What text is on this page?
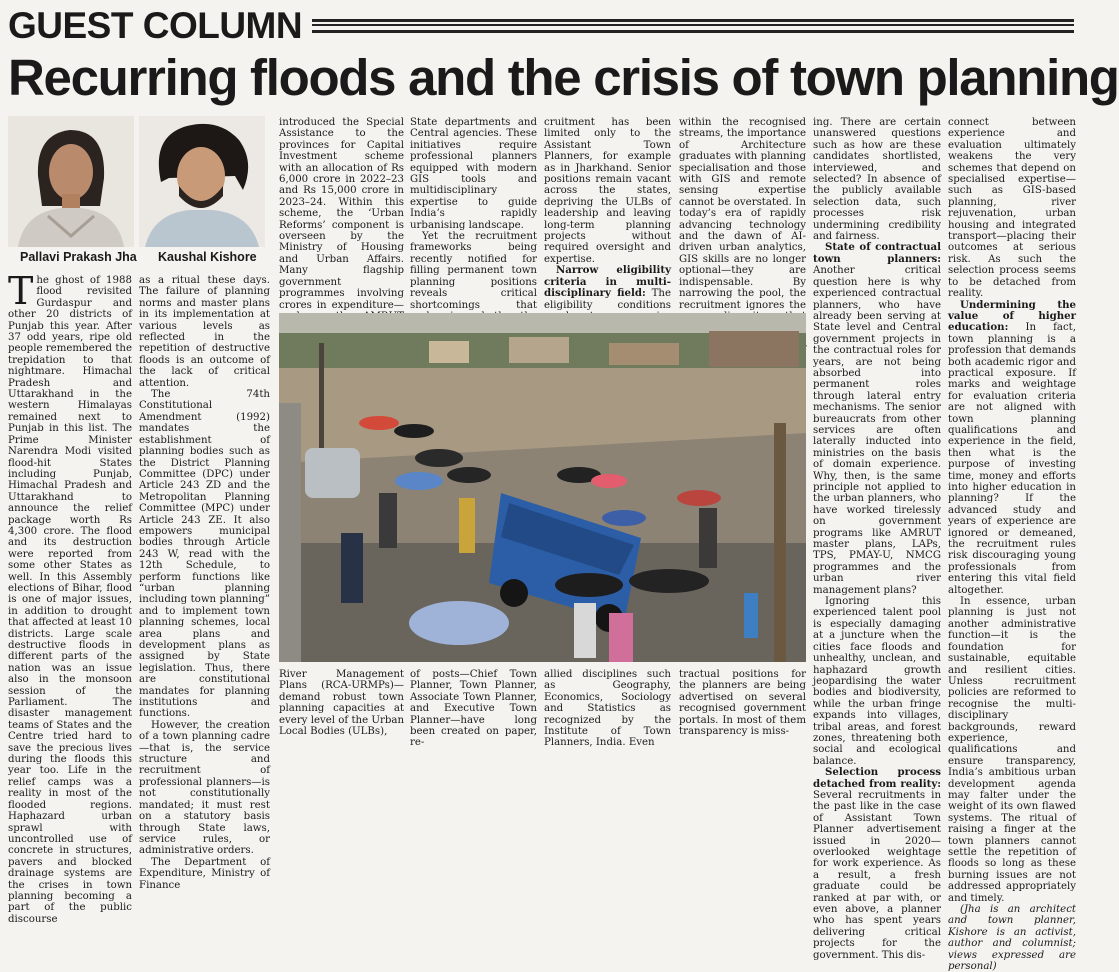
GUEST COLUMN
Recurring floods and the crisis of town planning
Pallavi Prakash Jha Kaushal Kishore

The ghost of 1988 flood revisited Gurdaspur and other 20 districts of Punjab this year. After 37 odd years, ripe old people remembered the trepidation to that nightmare. Himachal Pradesh and Uttarakhand in the western Himalayas remained next to Punjab in this list. The Prime Minister Narendra Modi visited flood-hit States including Punjab, Himachal Pradesh and Uttarakhand to announce the relief package worth Rs 4,300 crore. The flood and its destruction were reported from some other States as well. In this Assembly elections of Bihar, flood is one of major issues, in addition to drought that affected at least 10 districts. Large scale destructive floods in different parts of the nation was an issue also in the monsoon session of the Parliament. The disaster management teams of States and the Centre tried hard to save the precious lives during the floods this year too. Life in the relief camps was a reality in most of the flooded regions. Haphazard urban sprawl with uncontrolled use of concrete in structures, pavers and blocked drainage systems are the crises in town planning becoming a part of the public discourse

as a ritual these days. The failure of planning norms and master plans in its implementation at various levels as reflected in the repetition of destructive floods is an outcome of the lack of critical attention.

The 74th Constitutional Amendment (1992) mandates the establishment of planning bodies such as the District Planning Committee (DPC) under Article 243 ZD and the Metropolitan Planning Committee (MPC) under Article 243 ZE. It also empowers municipal bodies through Article 243 W, read with the 12th Schedule, to perform functions like “urban planning including town planning” and to implement town planning schemes, local area plans and development plans as assigned by State legislation. Thus, there are constitutional mandates for planning institutions and functions.

However, the creation of a town planning cadre—that is, the service structure and recruitment of professional planners—is not constitutionally mandated; it must rest on a statutory basis through State laws, service rules, or administrative orders.

The Department of Expenditure, Ministry of Finance

introduced the Special Assistance to the provinces for Capital Investment scheme with an allocation of Rs 6,000 crore in 2022–23 and Rs 15,000 crore in 2023–24. Within this scheme, the ‘Urban Reforms’ component is overseen by the Ministry of Housing and Urban Affairs. Many flagship government programmes involving crores in expenditure—

State departments and Central agencies. These initiatives require professional planners equipped with modern GIS tools and multidisciplinary expertise to guide India’s rapidly urbanising landscape.

Yet the recruitment frameworks being recently notified for filling permanent town planning positions reveals critical shortcomings that

cruitment has been limited only to the Assistant Town Planners, for example as in Jharkhand. Senior positions remain vacant across the states, depriving the ULBs of leadership and leaving long-term planning projects without required oversight and expertise.

Narrow eligibility criteria in multi-disciplinary field: The eligibility conditions

within the recognised streams, the importance of Architecture graduates with planning specialisation and those with GIS and remote sensing expertise cannot be overstated. In today’s era of rapidly advancing technology and the dawn of AI-driven urban analytics, GIS skills are no longer optional—they are indispensable. By narrowing the pool, the recruitment ignores the

ing. There are certain unanswered questions such as how are these candidates shortlisted, interviewed, and selected? In absence of the publicly available selection data, such processes risk undermining credibility and fairness.

State of contractual town planners: Another critical question here is why experienced contractual planners, who have already been serving at State level and Central government projects in the contractual roles for years, are not being absorbed into permanent roles through lateral entry mechanisms. The senior bureaucrats from other services are often laterally inducted into ministries on the basis of domain experience. Why, then, is the same principle not applied to the urban planners, who have worked tirelessly on government programs like AMRUT master plans, LAPs, TPS, PMAY-U, NMCG programmes and the urban river management plans?

Ignoring this experienced talent pool is especially damaging at a juncture when the cities face floods and unhealthy, unclean, and haphazard growth jeopardising the water bodies and biodiversity, while the urban fringe expands into villages, tribal areas, and forest zones, threatening both social and ecological balance.

Selection process detached from reality: Several recruitments in the past like in the case of Assistant Town Planner advertisement issued in 2020—overlooked weightage for work experience. As a result, a fresh graduate could be ranked at par with, or even above, a planner who has spent years delivering critical projects for the government. This dis-

connect between experience and evaluation ultimately weakens the very schemes that depend on specialised expertise—such as GIS-based planning, river rejuvenation, urban housing and integrated transport—placing their outcomes at serious risk. As such the selection process seems to be detached from reality.

Undermining the value of higher education: In fact, town planning is a profession that demands both academic rigor and practical exposure. If marks and weightage for evaluation criteria are not aligned with town planning qualifications and experience in the field, then what is the purpose of investing time, money and efforts into higher education in planning? If the advanced study and years of experience are ignored or demeaned, the recruitment rules risk discouraging young professionals from entering this vital field altogether.

In essence, urban planning is just not another administrative function—it is the foundation for sustainable, equitable and resilient cities. Unless recruitment policies are reformed to recognise the multi-disciplinary backgrounds, reward experience, qualifications and ensure transparency, India’s ambitious urban development agenda may falter under the weight of its own flawed systems. The ritual of raising a finger at the town planners cannot settle the repetition of floods so long as these burning issues are not addressed appropriately and timely.

(Jha is an architect and town planner, Kishore is an activist, author and columnist; views expressed are personal)

River Management Plans (RCA-URMPs)—demand robust town planning capacities at every level of the Urban Local Bodies (ULBs),

of posts—Chief Town Planner, Town Planner, Associate Town Planner, and Executive Town Planner—have long been created on paper, re-

allied disciplines such as Geography, Economics, Sociology and Statistics as recognized by the Institute of Town Planners, India. Even

tractual positions for the planners are being advertised on several recognised government portals. In most of them transparency is miss-
